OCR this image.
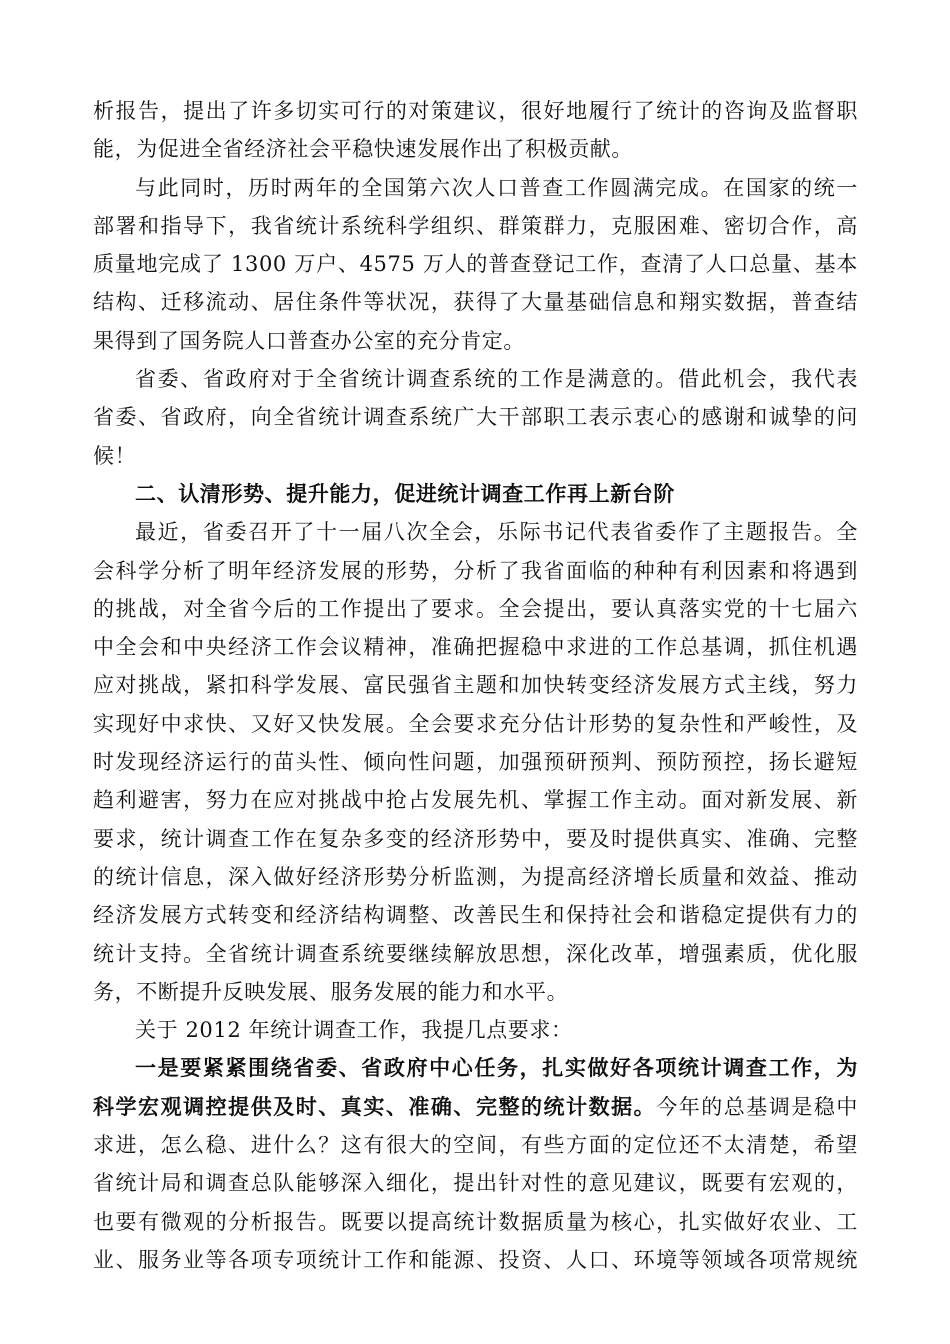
析报告，提出了许多切实可行的对策建议，很好地履行了统计的咨询及监督职
能，为促进全省经济社会平稳快速发展作出了积极贡献。
与此同时，历时两年的全国第六次人口普查工作圆满完成。在国家的统一
部署和指导下，我省统计系统科学组织、群策群力，克服困难、密切合作，高
质量地完成了 1300 万户、4575 万人的普查登记工作，查清了人口总量、基本
结构、迁移流动、居住条件等状况，获得了大量基础信息和翔实数据，普查结
果得到了国务院人口普查办公室的充分肯定。
省委、省政府对于全省统计调查系统的工作是满意的。借此机会，我代表
省委、省政府，向全省统计调查系统广大干部职工表示衷心的感谢和诚挚的问
候！
二、认清形势、提升能力，促进统计调查工作再上新台阶
最近，省委召开了十一届八次全会，乐际书记代表省委作了主题报告。全
会科学分析了明年经济发展的形势，分析了我省面临的种种有利因素和将遇到
的挑战，对全省今后的工作提出了要求。全会提出，要认真落实党的十七届六
中全会和中央经济工作会议精神，准确把握稳中求进的工作总基调，抓住机遇
应对挑战，紧扣科学发展、富民强省主题和加快转变经济发展方式主线，努力
实现好中求快、又好又快发展。全会要求充分估计形势的复杂性和严峻性，及
时发现经济运行的苗头性、倾向性问题，加强预研预判、预防预控，扬长避短
趋利避害，努力在应对挑战中抢占发展先机、掌握工作主动。面对新发展、新
要求，统计调查工作在复杂多变的经济形势中，要及时提供真实、准确、完整
的统计信息，深入做好经济形势分析监测，为提高经济增长质量和效益、推动
经济发展方式转变和经济结构调整、改善民生和保持社会和谐稳定提供有力的
统计支持。全省统计调查系统要继续解放思想，深化改革，增强素质，优化服
务，不断提升反映发展、服务发展的能力和水平。
关于 2012 年统计调查工作，我提几点要求：
一是要紧紧围绕省委、省政府中心任务，扎实做好各项统计调查工作，为
科学宏观调控提供及时、真实、准确、完整的统计数据。今年的总基调是稳中
求进，怎么稳、进什么？这有很大的空间，有些方面的定位还不太清楚，希望
省统计局和调查总队能够深入细化，提出针对性的意见建议，既要有宏观的，
也要有微观的分析报告。既要以提高统计数据质量为核心，扎实做好农业、工
业、服务业等各项专项统计工作和能源、投资、人口、环境等领域各项常规统
